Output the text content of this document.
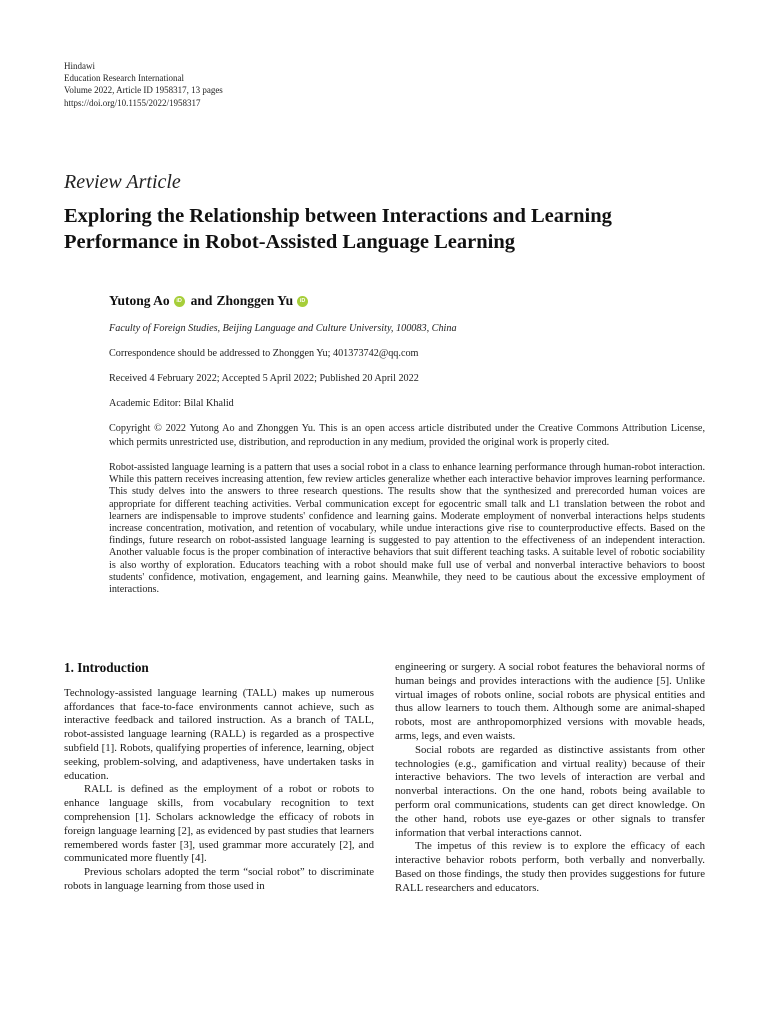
Hindawi
Education Research International
Volume 2022, Article ID 1958317, 13 pages
https://doi.org/10.1155/2022/1958317
Review Article
Exploring the Relationship between Interactions and Learning Performance in Robot-Assisted Language Learning
Yutong Ao	iD and Zhonggen Yu	iD

Faculty of Foreign Studies, Beijing Language and Culture University, 100083, China

Correspondence should be addressed to Zhonggen Yu; 401373742@qq.com

Received 4 February 2022; Accepted 5 April 2022; Published 20 April 2022

Academic Editor: Bilal Khalid

Copyright © 2022 Yutong Ao and Zhonggen Yu. This is an open access article distributed under the Creative Commons Attribution License, which permits unrestricted use, distribution, and reproduction in any medium, provided the original work is properly cited.

Robot-assisted language learning is a pattern that uses a social robot in a class to enhance learning performance through human-robot interaction. While this pattern receives increasing attention, few review articles generalize whether each interactive behavior improves learning performance. This study delves into the answers to three research questions. The results show that the synthesized and prerecorded human voices are appropriate for different teaching activities. Verbal communication except for egocentric small talk and L1 translation between the robot and learners are indispensable to improve students' confidence and learning gains. Moderate employment of nonverbal interactions helps students increase concentration, motivation, and retention of vocabulary, while undue interactions give rise to counterproductive effects. Based on the findings, future research on robot-assisted language learning is suggested to pay attention to the effectiveness of an independent interaction. Another valuable focus is the proper combination of interactive behaviors that suit different teaching tasks. A suitable level of robotic sociability is also worthy of exploration. Educators teaching with a robot should make full use of verbal and nonverbal interactive behaviors to boost students' confidence, motivation, engagement, and learning gains. Meanwhile, they need to be cautious about the excessive employment of interactions.

1. Introduction

Technology-assisted language learning (TALL) makes up numerous affordances that face-to-face environments cannot achieve, such as interactive feedback and tailored instruction. As a branch of TALL, robot-assisted language learning (RALL) is regarded as a prospective subfield [1]. Robots, qualifying properties of inference, learning, object seeking, problem-solving, and adaptiveness, have undertaken tasks in education.

RALL is defined as the employment of a robot or robots to enhance language skills, from vocabulary recognition to text comprehension [1]. Scholars acknowledge the efficacy of robots in foreign language learning [2], as evidenced by past studies that learners remembered words faster [3], used grammar more accurately [2], and communicated more fluently [4].

Previous scholars adopted the term “social robot” to discriminate robots in language learning from those used in

engineering or surgery. A social robot features the behavioral norms of human beings and provides interactions with the audience [5]. Unlike virtual images of robots online, social robots are physical entities and thus allow learners to touch them. Although some are animal-shaped robots, most are anthropomorphized versions with movable heads, arms, legs, and even waists.

Social robots are regarded as distinctive assistants from other technologies (e.g., gamification and virtual reality) because of their interactive behaviors. The two levels of interaction are verbal and nonverbal interactions. On the one hand, robots being available to perform oral communications, students can get direct knowledge. On the other hand, robots use eye-gazes or other signals to transfer information that verbal interactions cannot.

The impetus of this review is to explore the efficacy of each interactive behavior robots perform, both verbally and nonverbally. Based on those findings, the study then provides suggestions for future RALL researchers and educators.
